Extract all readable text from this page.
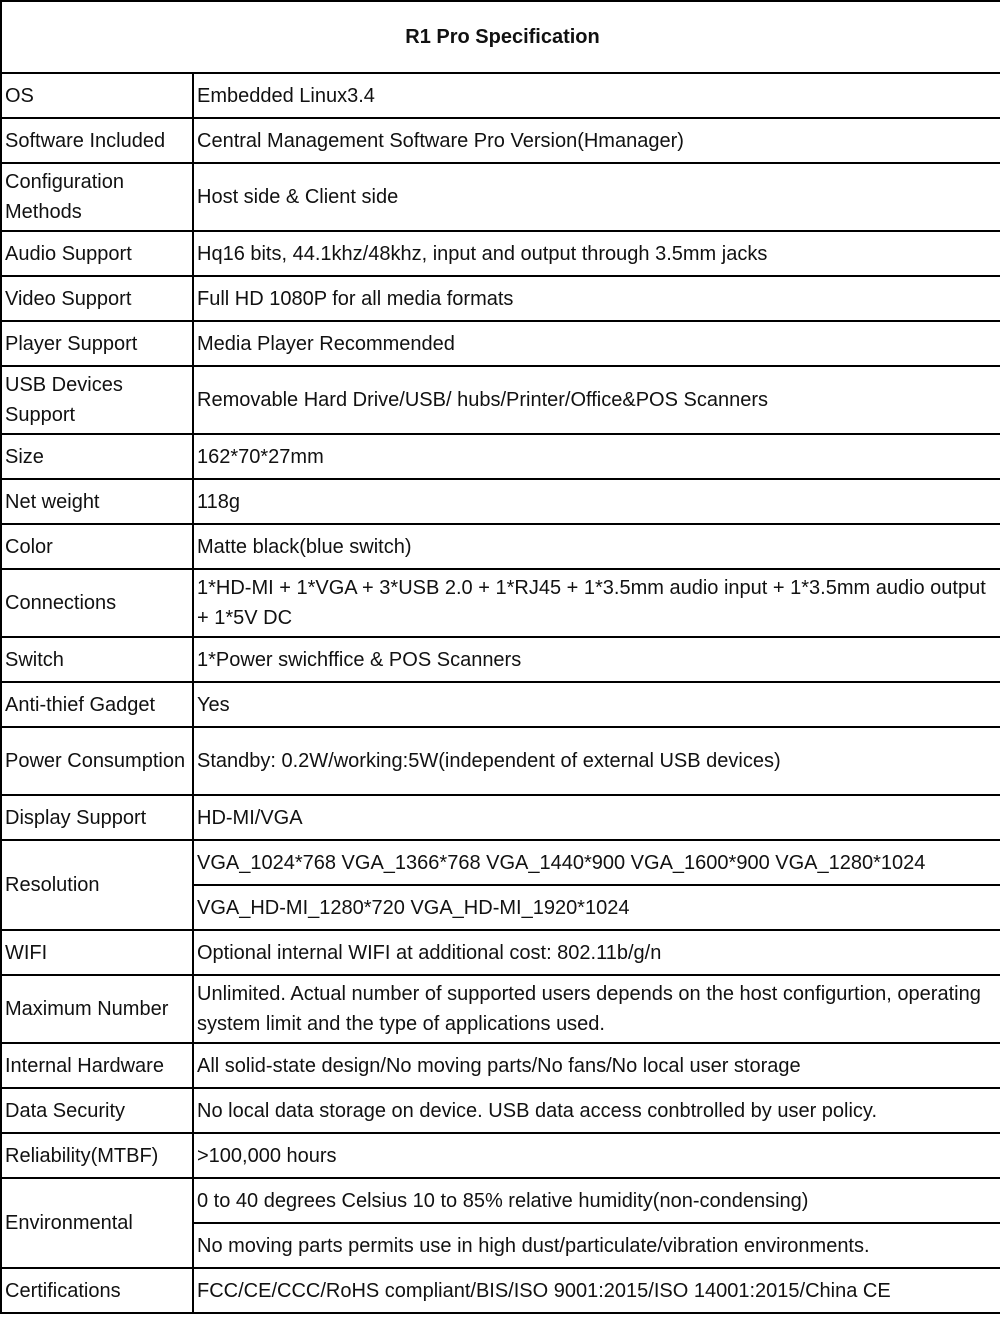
R1 Pro Specification	
OS	Embedded Linux3.4
Software Included	Central Management Software Pro Version(Hmanager)
Configuration Methods	Host side & Client side
Audio Support	Hq16 bits, 44.1khz/48khz, input and output through 3.5mm jacks
Video Support	Full HD 1080P for all media formats
Player Support	Media Player Recommended
USB Devices Support	Removable Hard Drive/USB/ hubs/Printer/Office&POS Scanners
Size	162*70*27mm
Net weight	118g
Color	Matte black(blue switch)
Connections	1*HD-MI + 1*VGA + 3*USB 2.0 + 1*RJ45 + 1*3.5mm audio input + 1*3.5mm audio output + 1*5V DC
Switch	1*Power swichffice & POS Scanners
Anti-thief Gadget	Yes
Power Consumption	Standby: 0.2W/working:5W(independent of external USB devices)
Display Support	HD-MI/VGA
Resolution	VGA_1024*768 VGA_1366*768 VGA_1440*900 VGA_1600*900 VGA_1280*1024
	VGA_HD-MI_1280*720 VGA_HD-MI_1920*1024
WIFI	Optional internal WIFI at additional cost: 802.11b/g/n
Maximum Number	Unlimited. Actual number of supported users depends on the host configurtion, operating system limit and the type of applications used.
Internal Hardware	All solid-state design/No moving parts/No fans/No local user storage
Data Security	No local data storage on device. USB data access conbtrolled by user policy.
Reliability(MTBF)	>100,000 hours
Environmental	0 to 40 degrees Celsius 10 to 85% relative humidity(non-condensing)
	No moving parts permits use in high dust/particulate/vibration environments.
Certifications	FCC/CE/CCC/RoHS compliant/BIS/ISO 9001:2015/ISO 14001:2015/China CE
